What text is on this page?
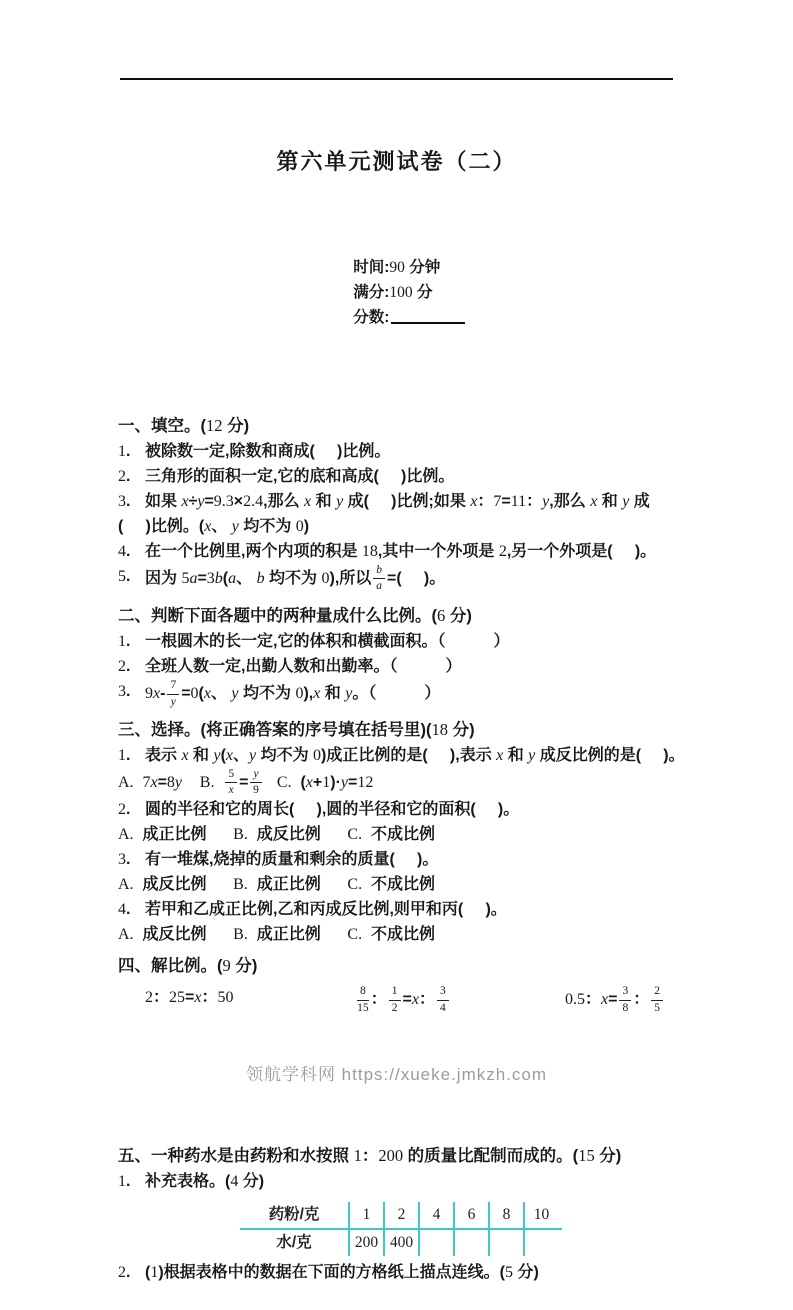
第六单元测试卷（二）

时间:90 分钟
满分:100 分
分数:

一、填空。(12 分)
1. 被除数一定,除数和商成(     )比例。
2. 三角形的面积一定,它的底和高成(     )比例。
3. 如果 x÷y=9.3×2.4,那么 x 和 y 成(     )比例;如果 x：7=11：y,那么 x 和 y 成
(     )比例。(x、 y 均不为 0)
4. 在一个比例里,两个内项的积是 18,其中一个外项是 2,另一个外项是(     )。
5. 因为 5a=3b(a、 b 均不为 0),所以 $\frac{b}{a}$ =(     )。
二、判断下面各题中的两种量成什么比例。(6 分)
1. 一根圆木的长一定,它的体积和横截面积。（　　　）
2. 全班人数一定,出勤人数和出勤率。（　　　）
3. $9x- \frac{7}{y} =0(x$、 y 均不为 0),x 和 y。（　　　）
三、选择。(将正确答案的序号填在括号里)(18 分)
1. 表示 x 和 y(x、y 均不为 0)成正比例的是(     ),表示 x 和 y 成反比例的是(     )。
A. 7x=8y B. $\frac{5}{x} = \frac{y}{9} C$.  (x+1)·y=12
2. 圆的半径和它的周长(     ),圆的半径和它的面积(     )。
A.  成正比例      B.  成反比例      C.  不成比例
3. 有一堆煤,烧掉的质量和剩余的质量(     )。
A.  成反比例      B.  成正比例      C.  不成比例
4. 若甲和乙成正比例,乙和丙成反比例,则甲和丙(     )。
A.  成反比例      B.  成正比例      C.  不成比例
四、解比例。(9 分)
2：25=x：50	$\frac{8}{15}$ ： $\frac{1}{2} =x$： $\frac{3}{4}$	0.5：$x= \frac{3}{8}$ ： $\frac{2}{5}$
五、一种药水是由药粉和水按照 1：200 的质量比配制而成的。(15 分)
1. 补充表格。(4 分)
药粉/克	1 2 4 6 8 10
水/克	200 400
2. (1)根据表格中的数据在下面的方格纸上描点连线。(5 分)

领航学科网 https://xueke.jmkzh.com
